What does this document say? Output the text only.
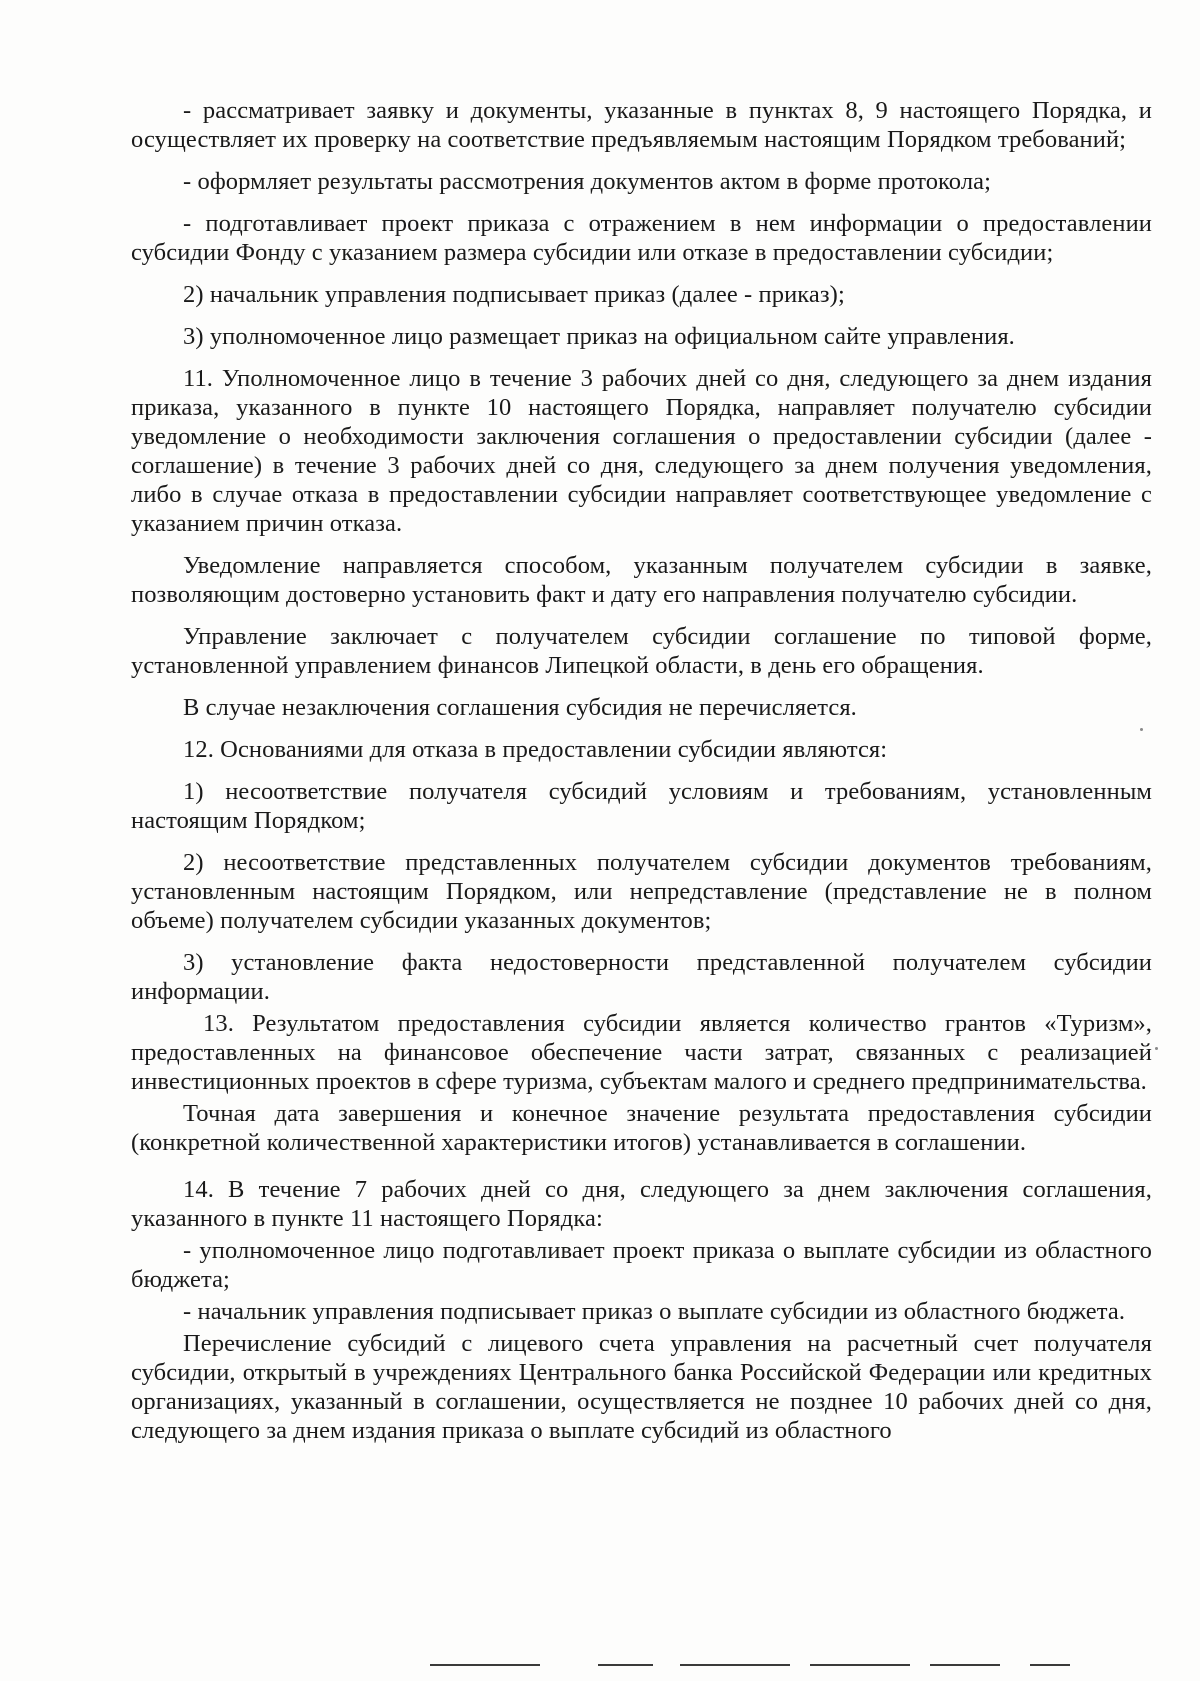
- рассматривает заявку и документы, указанные в пунктах 8, 9 настоящего Порядка, и осуществляет их проверку на соответствие предъявляемым настоящим Порядком требований;

- оформляет результаты рассмотрения документов актом в форме протокола;

- подготавливает проект приказа с отражением в нем информации о предоставлении субсидии Фонду с указанием размера субсидии или отказе в предоставлении субсидии;

2) начальник управления подписывает приказ (далее - приказ);

3) уполномоченное лицо размещает приказ на официальном сайте управления.

11. Уполномоченное лицо в течение 3 рабочих дней со дня, следующего за днем издания приказа, указанного в пункте 10 настоящего Порядка, направляет получателю субсидии уведомление о необходимости заключения соглашения о предоставлении субсидии (далее - соглашение) в течение 3 рабочих дней со дня, следующего за днем получения уведомления, либо в случае отказа в предоставлении субсидии направляет соответствующее уведомление с указанием причин отказа.

Уведомление направляется способом, указанным получателем субсидии в заявке, позволяющим достоверно установить факт и дату его направления получателю субсидии.

Управление заключает с получателем субсидии соглашение по типовой форме, установленной управлением финансов Липецкой области, в день его обращения.

В случае незаключения соглашения субсидия не перечисляется.

12. Основаниями для отказа в предоставлении субсидии являются:

1) несоответствие получателя субсидий условиям и требованиям, установленным настоящим Порядком;

2) несоответствие представленных получателем субсидии документов требованиям, установленным настоящим Порядком, или непредставление (представление не в полном объеме) получателем субсидии указанных документов;

3) установление факта недостоверности представленной получателем субсидии информации.

13. Результатом предоставления субсидии является количество грантов «Туризм», предоставленных на финансовое обеспечение части затрат, связанных с реализацией инвестиционных проектов в сфере туризма, субъектам малого и среднего предпринимательства.

Точная дата завершения и конечное значение результата предоставления субсидии (конкретной количественной характеристики итогов) устанавливается в соглашении.

14. В течение 7 рабочих дней со дня, следующего за днем заключения соглашения, указанного в пункте 11 настоящего Порядка:

- уполномоченное лицо подготавливает проект приказа о выплате субсидии из областного бюджета;

- начальник управления подписывает приказ о выплате субсидии из областного бюджета.

Перечисление субсидий с лицевого счета управления на расчетный счет получателя субсидии, открытый в учреждениях Центрального банка Российской Федерации или кредитных организациях, указанный в соглашении, осуществляется не позднее 10 рабочих дней со дня, следующего за днем издания приказа о выплате субсидий из областного
